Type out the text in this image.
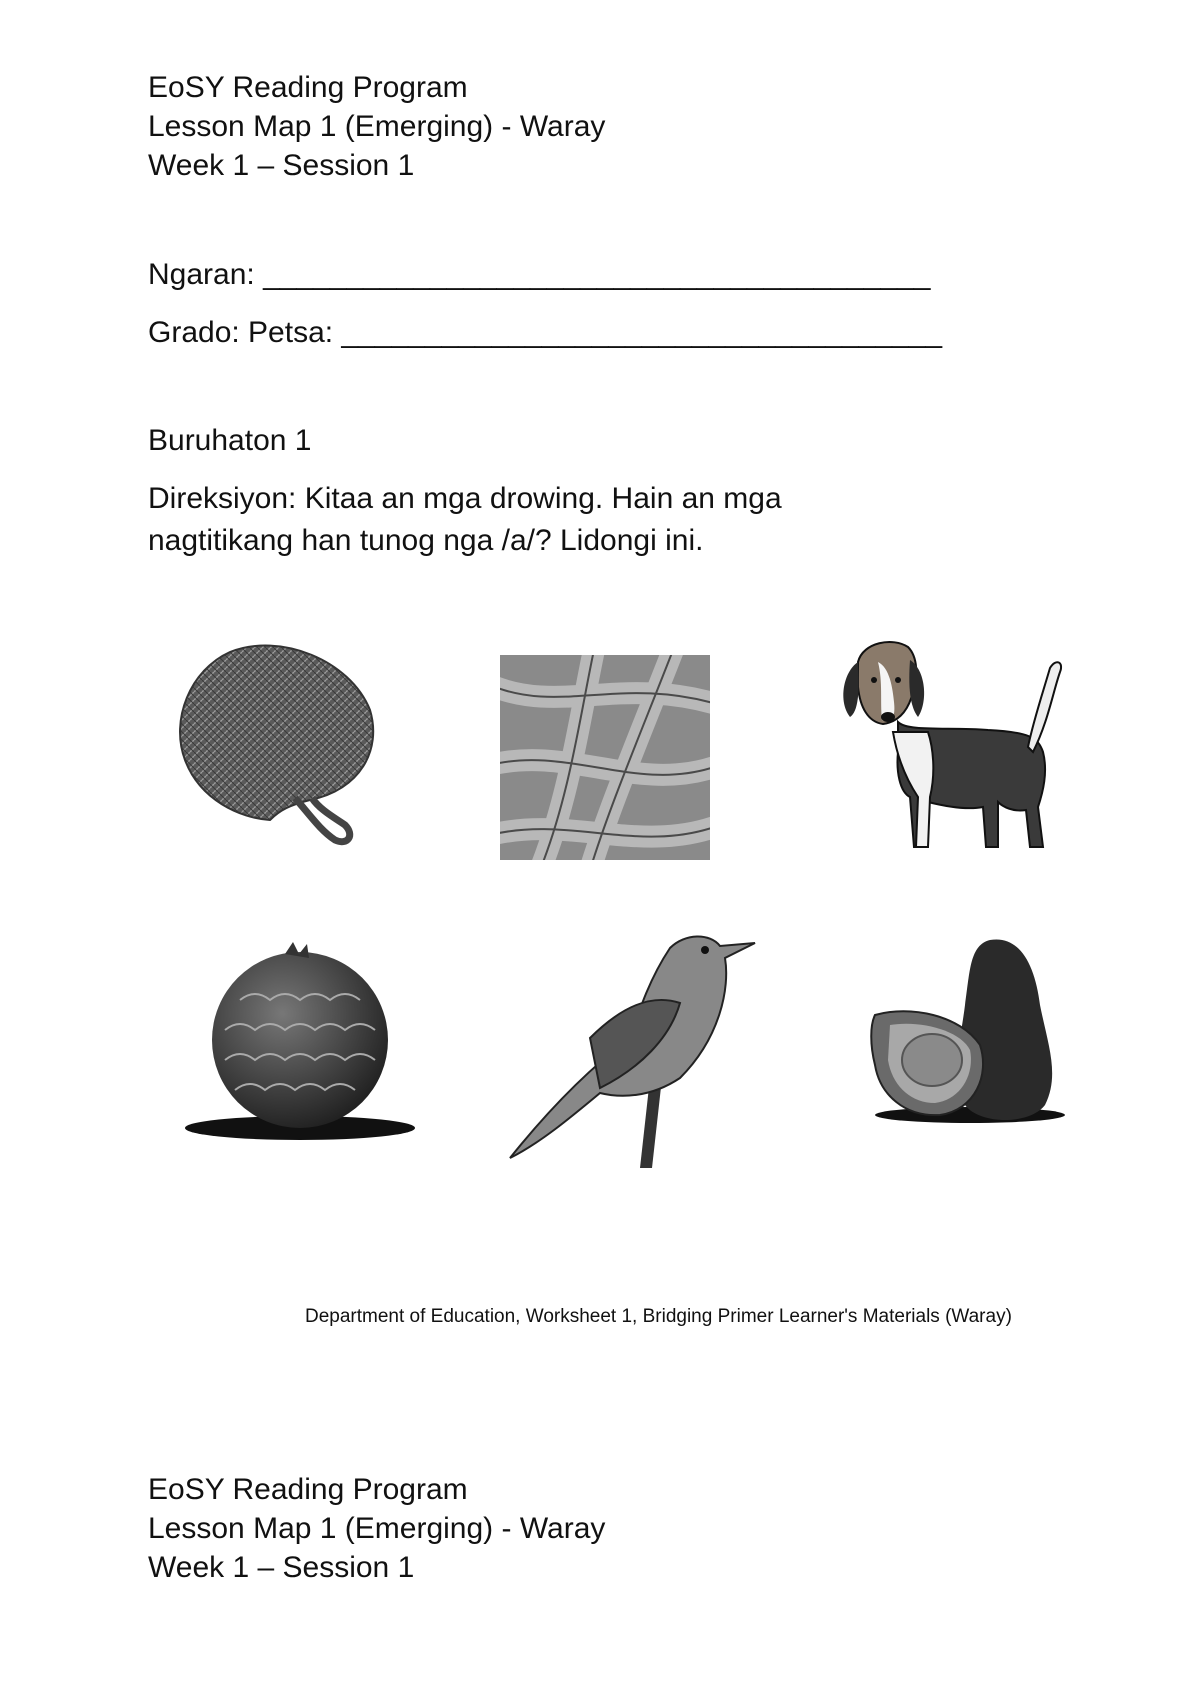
EoSY Reading Program
Lesson Map 1 (Emerging) - Waray
Week 1 – Session 1
Ngaran: ________________________________________
Grado: Petsa: ____________________________________
Buruhaton 1
Direksiyon: Kitaa an mga drowing. Hain an mga
nagtitikang han tunog nga /a/? Lidongi ini.
Department of Education, Worksheet 1, Bridging Primer Learner's Materials (Waray)
EoSY Reading Program
Lesson Map 1 (Emerging) - Waray
Week 1 – Session 1
